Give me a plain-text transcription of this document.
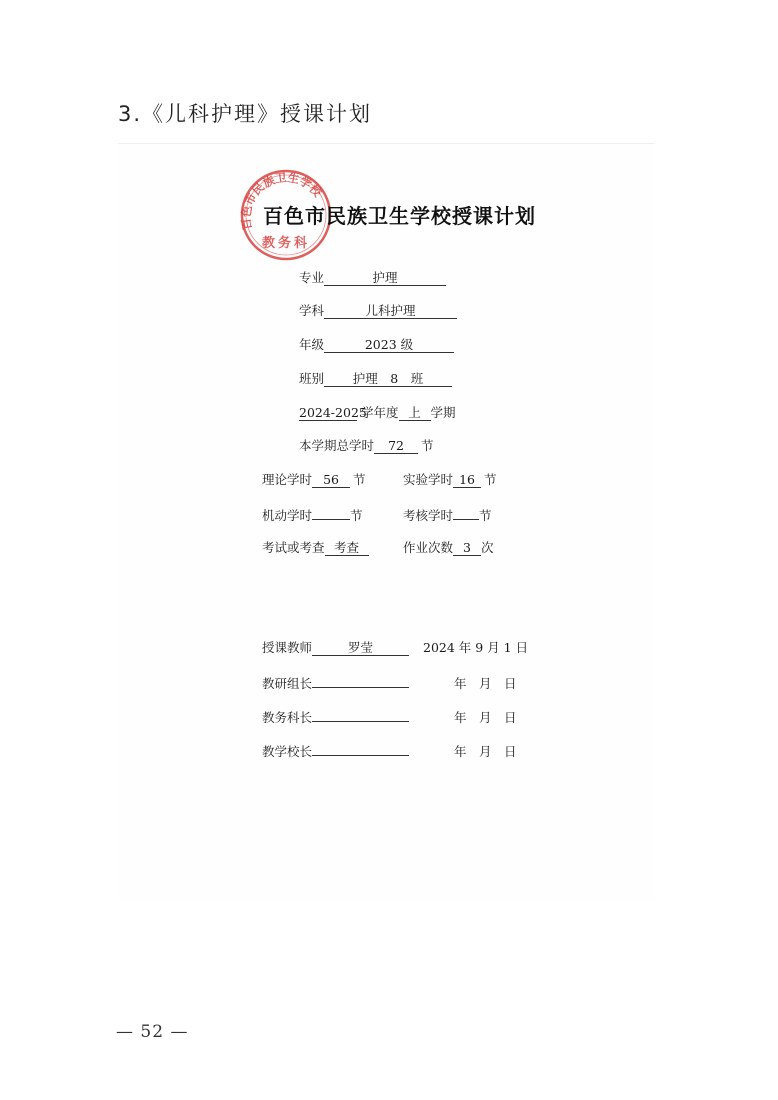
3.《儿科护理》授课计划
百色市民族卫生学校
教务科
百色市民族卫生学校授课计划
专业	护理
学科	儿科护理
年级	2023 级
班别 护理　8　班
2024-2025学年度 上 学期
本学期总学时 72 节
理论学时 56 节	实验学时 16 节
机动学时	节	考核学时 节
考试或考查 考查	作业次数 3 次
授课教师	罗莹	2024 年 9 月 1 日
教研组长	年　月　日
教务科长	年　月　日
教学校长	年　月　日
— 52 —
